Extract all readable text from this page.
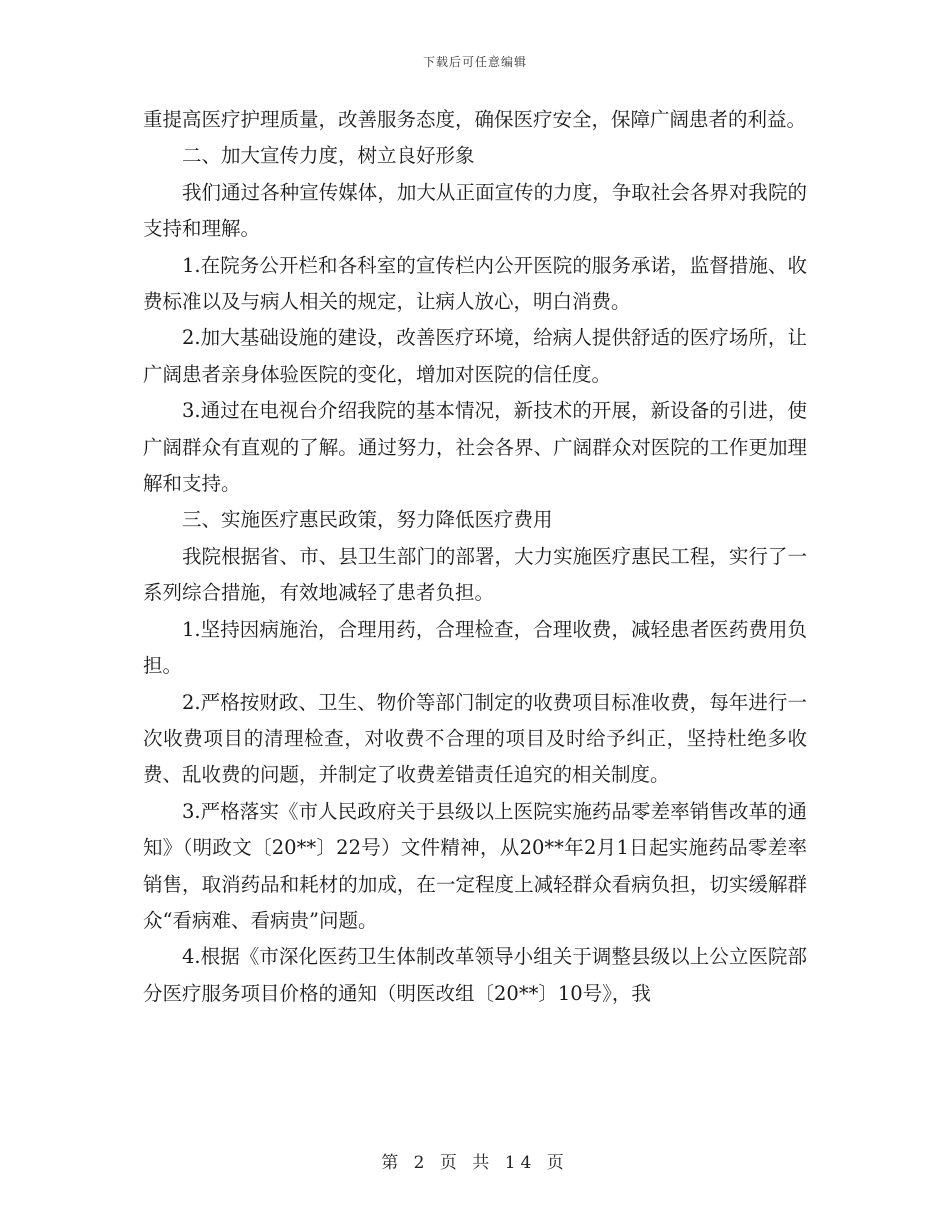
下载后可任意编辑

重提高医疗护理质量，改善服务态度，确保医疗安全，保障广阔患者的利益。

二、加大宣传力度，树立良好形象

我们通过各种宣传媒体，加大从正面宣传的力度，争取社会各界对我院的支持和理解。

1.在院务公开栏和各科室的宣传栏内公开医院的服务承诺，监督措施、收费标准以及与病人相关的规定，让病人放心，明白消费。

2.加大基础设施的建设，改善医疗环境，给病人提供舒适的医疗场所，让广阔患者亲身体验医院的变化，增加对医院的信任度。

3.通过在电视台介绍我院的基本情况，新技术的开展，新设备的引进，使广阔群众有直观的了解。通过努力，社会各界、广阔群众对医院的工作更加理解和支持。

三、实施医疗惠民政策，努力降低医疗费用

我院根据省、市、县卫生部门的部署，大力实施医疗惠民工程，实行了一系列综合措施，有效地减轻了患者负担。

1.坚持因病施治，合理用药，合理检查，合理收费，减轻患者医药费用负担。

2.严格按财政、卫生、物价等部门制定的收费项目标准收费，每年进行一次收费项目的清理检查，对收费不合理的项目及时给予纠正，坚持杜绝多收费、乱收费的问题，并制定了收费差错责任追究的相关制度。

3.严格落实《市人民政府关于县级以上医院实施药品零差率销售改革的通知》（明政文〔20**〕22号）文件精神，从20**年2月1日起实施药品零差率销售，取消药品和耗材的加成，在一定程度上减轻群众看病负担，切实缓解群众“看病难、看病贵”问题。

4.根据《市深化医药卫生体制改革领导小组关于调整县级以上公立医院部分医疗服务项目价格的通知（明医改组〔20**〕10号》，我

第 2 页 共 14 页
